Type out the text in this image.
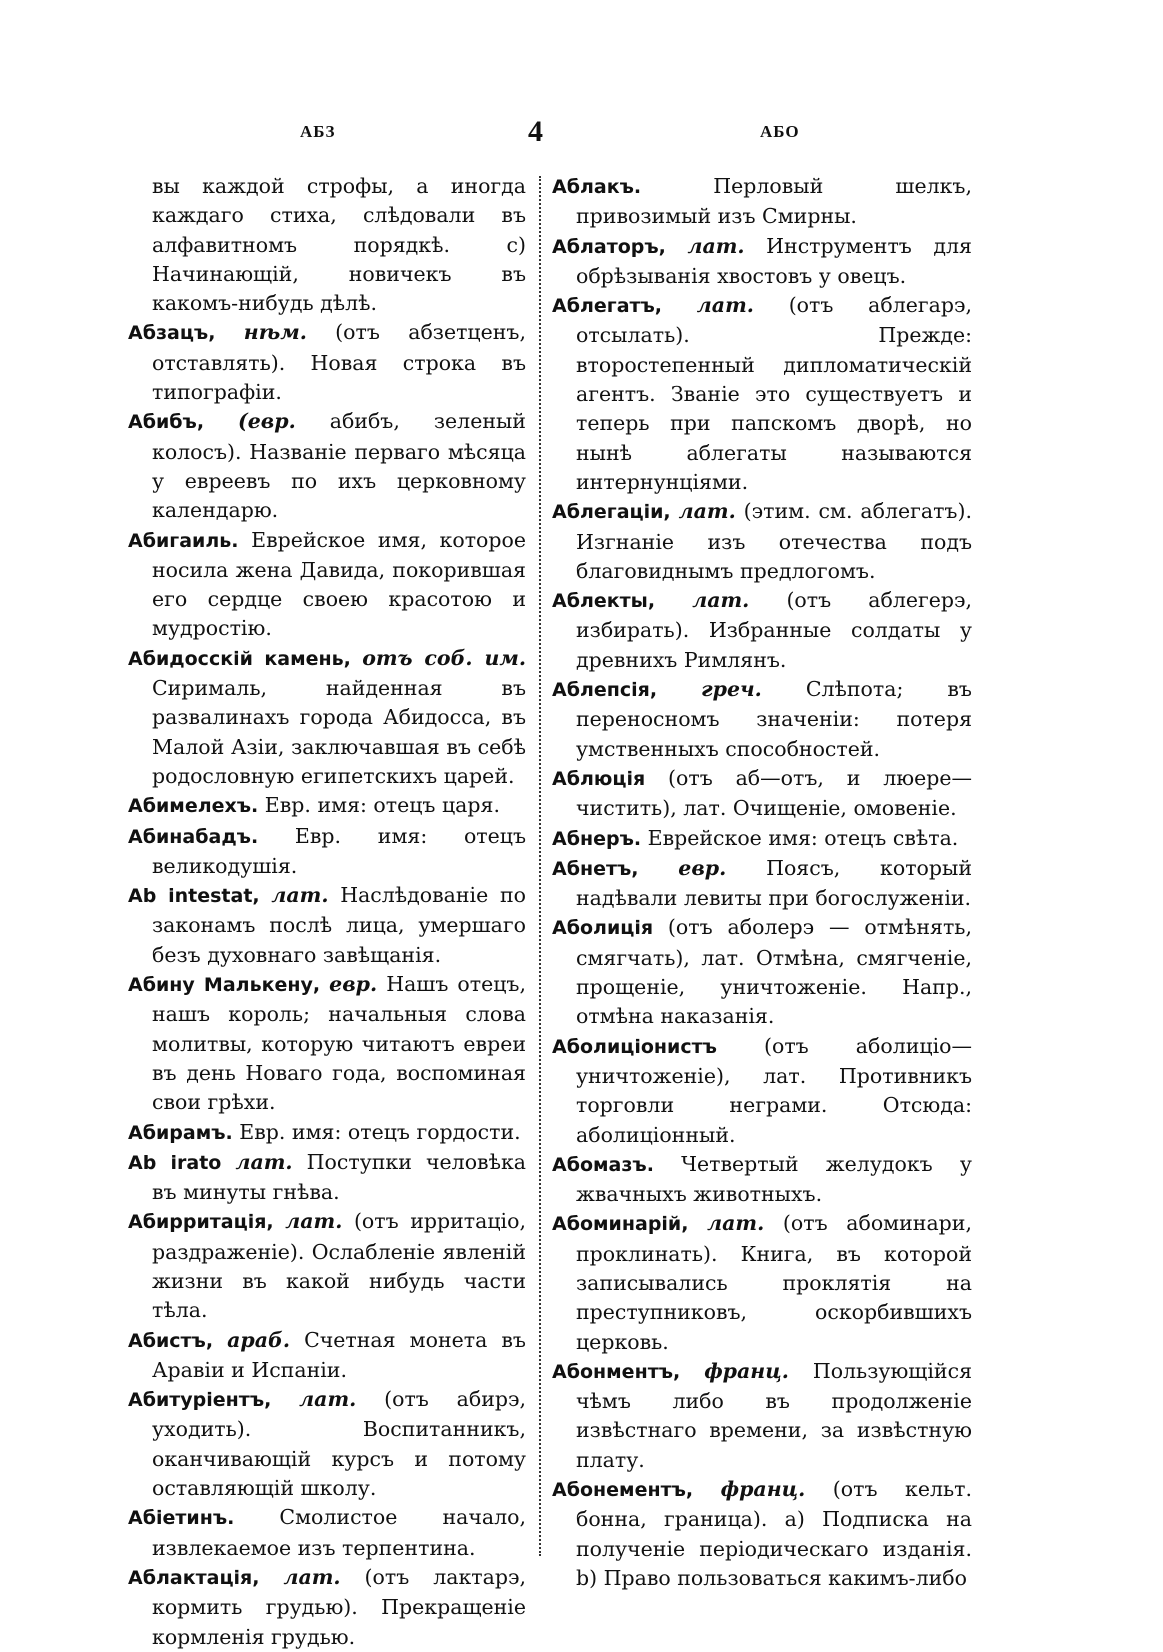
АБЗ	4	АБО
вы каждой строфы, а иногда каждаго стиха, слѣдовали въ алфавитномъ порядкѣ. c) Начинающій, новичекъ въ какомъ-нибудь дѣлѣ.
Абзацъ, нѣм. (отъ абзетценъ, отставлять). Новая строка въ типографіи.
Абибъ, (евр. абибъ, зеленый колосъ). Названіе перваго мѣсяца у евреевъ по ихъ церковному календарю.
Абигаиль. Еврейское имя, которое носила жена Давида, покорившая его сердце своею красотою и мудростію.
Абидосскій камень, отъ соб. им. Сирималь, найденная въ развалинахъ города Абидосса, въ Малой Азіи, заключавшая въ себѣ родословную египетскихъ царей.
Абимелехъ. Евр. имя: отецъ царя.
Абинабадъ. Евр. имя: отецъ великодушія.
Ab intestat, лат. Наслѣдованіе по законамъ послѣ лица, умершаго безъ духовнаго завѣщанія.
Абину Малькену, евр. Нашъ отецъ, нашъ король; начальныя слова молитвы, которую читаютъ евреи въ день Новаго года, воспоминая свои грѣхи.
Абирамъ. Евр. имя: отецъ гордости.
Ab irato лат. Поступки человѣка въ минуты гнѣва.
Абирритація, лат. (отъ ирритаціо, раздраженіе). Ослабленіе явленій жизни въ какой нибудь части тѣла.
Абистъ, араб. Счетная монета въ Аравіи и Испаніи.
Абитуріентъ, лат. (отъ абирэ, уходить). Воспитанникъ, оканчивающій курсъ и потому оставляющій школу.
Абіетинъ. Смолистое начало, извлекаемое изъ терпентина.
Аблактація, лат. (отъ лактарэ, кормить грудью). Прекращеніе кормленія грудью.
Аблакъ.	Перловый шелкъ, привозимый изъ Смирны.
Аблаторъ, лат. Инструментъ для обрѣзыванія хвостовъ у овецъ.
Аблегатъ, лат. (отъ аблегарэ, отсылать). Прежде: второстепенный дипломатическій агентъ. Званіе это существуетъ и теперь при папскомъ дворѣ, но нынѣ аблегаты называются интернунціями.
Аблегаціи, лат. (этим. см. аблегатъ). Изгнаніе изъ отечества подъ благовиднымъ предлогомъ.
Аблекты, лат. (отъ аблегерэ, избирать). Избранные солдаты у древнихъ Римлянъ.
Аблепсія, греч. Слѣпота; въ переносномъ значеніи: потеря умственныхъ способностей.
Аблюція (отъ аб—отъ, и люере—чистить), лат. Очищеніе, омовеніе.
Абнеръ. Еврейское имя: отецъ свѣта.
Абнетъ, евр. Поясъ, который надѣвали левиты при богослуженіи.
Аболиція (отъ аболерэ — отмѣнять, смягчать), лат. Отмѣна, смягченіе, прощеніе, уничтоженіе. Напр., отмѣна наказанія.
Аболиціонистъ (отъ аболиціо—уничтоженіе), лат. Противникъ торговли неграми. Отсюда: аболиціонный.
Абомазъ. Четвертый желудокъ у жвачныхъ животныхъ.
Абоминарій, лат. (отъ абоминари, проклинать). Книга, въ которой записывались проклятія на преступниковъ, оскорбившихъ церковь.
Абонментъ, франц. Пользующійся чѣмъ либо въ продолженіе извѣстнаго времени, за извѣстную плату.
Абонементъ, франц. (отъ кельт. бонна, граница). a) Подписка на полученіе періодическаго изданія. b) Право пользоваться какимъ-либо
